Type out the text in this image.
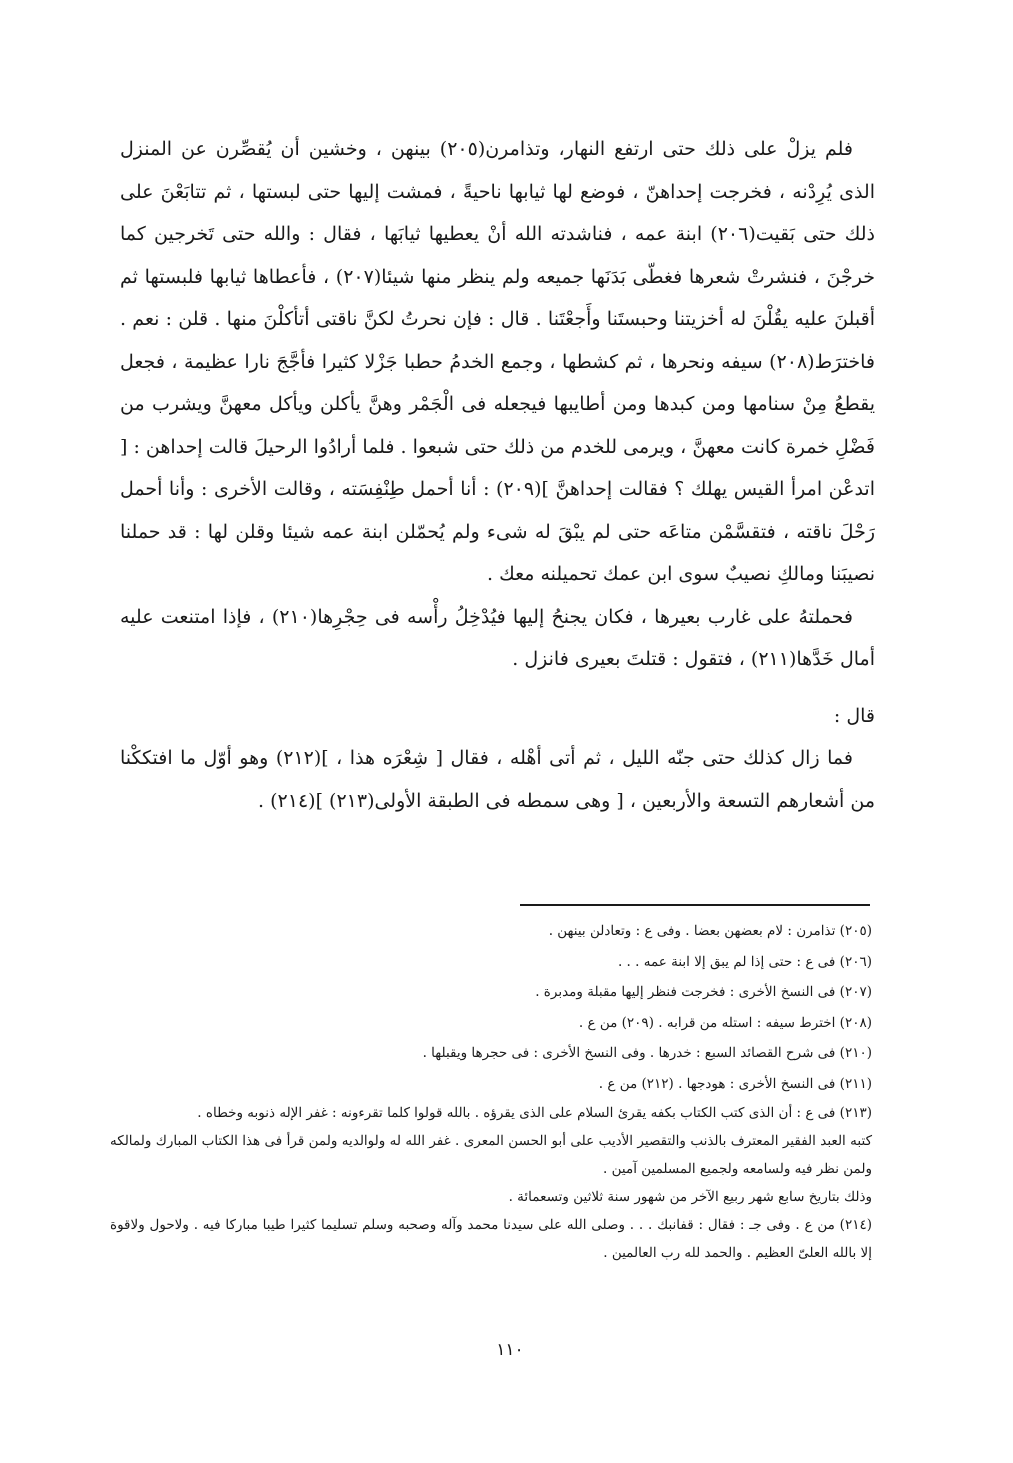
فلم يزلْ على ذلك حتى ارتفع النهار، وتذامرن(٢٠٥) بينهن ، وخشين أن يُقصِّرن عن المنزل الذى يُرِدْنه ، فخرجت إحداهنّ ، فوضع لها ثيابها ناحيةً ، فمشت إليها حتى لبستها ، ثم تتابَعْنَ على ذلك حتى بَقيت(٢٠٦) ابنة عمه ، فناشدته الله أنْ يعطيها ثيابَها ، فقال : والله حتى تَخرجين كما خرجْنَ ، فنشرتْ شعرها فغطّى بَدَنَها جميعه ولم ينظر منها شيئا(٢٠٧) ، فأعطاها ثيابها فلبستها ثم أقبلنَ عليه يقُلْنَ له أخزيتنا وحبستَنا وأَجعْتَنا . قال : فإن نحرتُ لكنَّ ناقتى أتأكلْنَ منها . قلن : نعم . فاخترَط(٢٠٨) سيفه ونحرها ، ثم كشطها ، وجمع الخدمُ حطبا جَزْلا كثيرا فأجَّجَ نارا عظيمة ، فجعل يقطعُ مِنْ سنامها ومن كبدها ومن أطايبها فيجعله فى الْجَمْر وهنَّ يأكلن ويأكل معهنَّ ويشرب من فَضْلِ خمرة كانت معهنَّ ، ويرمى للخدم من ذلك حتى شبعوا . فلما أرادُوا الرحيلَ قالت إحداهن : [ اتدعْن امرأ القيس يهلك ؟ فقالت إحداهنَّ ](٢٠٩) : أنا أحمل طِنْفِسَته ، وقالت الأخرى : وأنا أحمل رَحْلَ ناقته ، فتقسَّمْن متاعَه حتى لم يبْقَ له شىء ولم يُحمّلن ابنة عمه شيئا وقلن لها : قد حملنا نصيبَنا ومالكِ نصيبٌ سوى ابن عمك تحميلنه معك .

فحملتهُ على غارب بعيرها ، فكان يجنحُ إليها فيُدْخِلُ رأْسه فى حِجْرِها(٢١٠) ، فإذا امتنعت عليه أمال خَدَّها(٢١١) ، فتقول : قتلتَ بعيرى فانزل .

قال :

فما زال كذلك حتى جنّه الليل ، ثم أتى أهْله ، فقال [ شِعْرَه هذا ، ](٢١٢) وهو أوّل ما افتككْنا من أشعارهم التسعة والأربعين ، [ وهى سمطه فى الطبقة الأولى(٢١٣) ](٢١٤) .

(٢٠٥) تذامرن : لام بعضهن بعضا . وفى ع : وتعادلن بينهن .

(٢٠٦) فى ع : حتى إذا لم يبق إلا ابنة عمه . . .

(٢٠٧) فى النسخ الأخرى : فخرجت فنظر إليها مقبلة ومدبرة .

(٢٠٨) اخترط سيفه : استله من قرابه . (٢٠٩) من ع .

(٢١٠) فى شرح القصائد السبع : خدرها . وفى النسخ الأخرى : فى حجرها ويقبلها .

(٢١١) فى النسخ الأخرى : هودجها . (٢١٢) من ع .

(٢١٣) فى ع : أن الذى كتب الكتاب بكفه يقرئ السلام على الذى يقرؤه . بالله قولوا كلما تقرءونه : غفر الإله ذنوبه وخطاه .

كتبه العبد الفقير المعترف بالذنب والتقصير الأديب على أبو الحسن المعرى . غفر الله له ولوالديه ولمن قرأ فى هذا الكتاب المبارك ولمالكه ولمن نظر فيه ولسامعه ولجميع المسلمين آمين .

وذلك بتاريخ سابع شهر ربيع الآخر من شهور سنة ثلاثين وتسعمائة .

(٢١٤) من ع . وفى جـ : فقال : قفانبك . . . وصلى الله على سيدنا محمد وآله وصحبه وسلم تسليما كثيرا طيبا مباركا فيه . ولاحول ولاقوة إلا بالله العلىّ العظيم . والحمد لله رب العالمين .

١١٠
